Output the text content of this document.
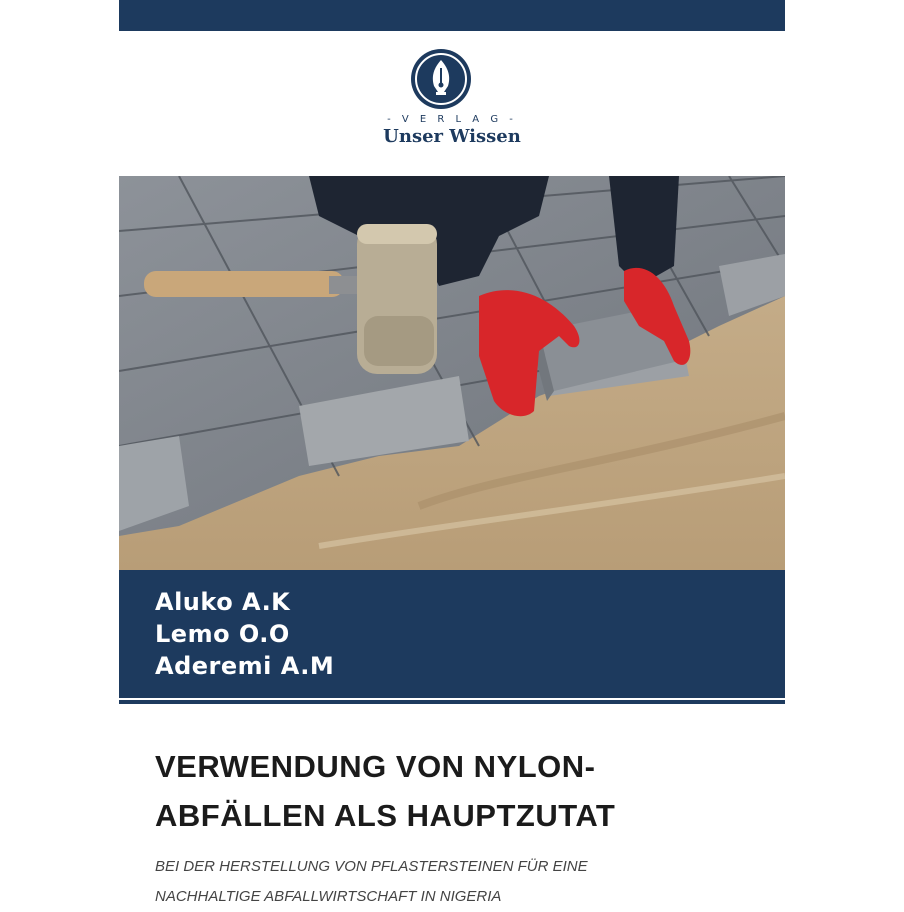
- V E R L A G -
Unser Wissen
Aluko A.K
Lemo O.O
Aderemi A.M
VERWENDUNG VON NYLON-
ABFÄLLEN ALS HAUPTZUTAT
BEI DER HERSTELLUNG VON PFLASTERSTEINEN FÜR EINE
NACHHALTIGE ABFALLWIRTSCHAFT IN NIGERIA
